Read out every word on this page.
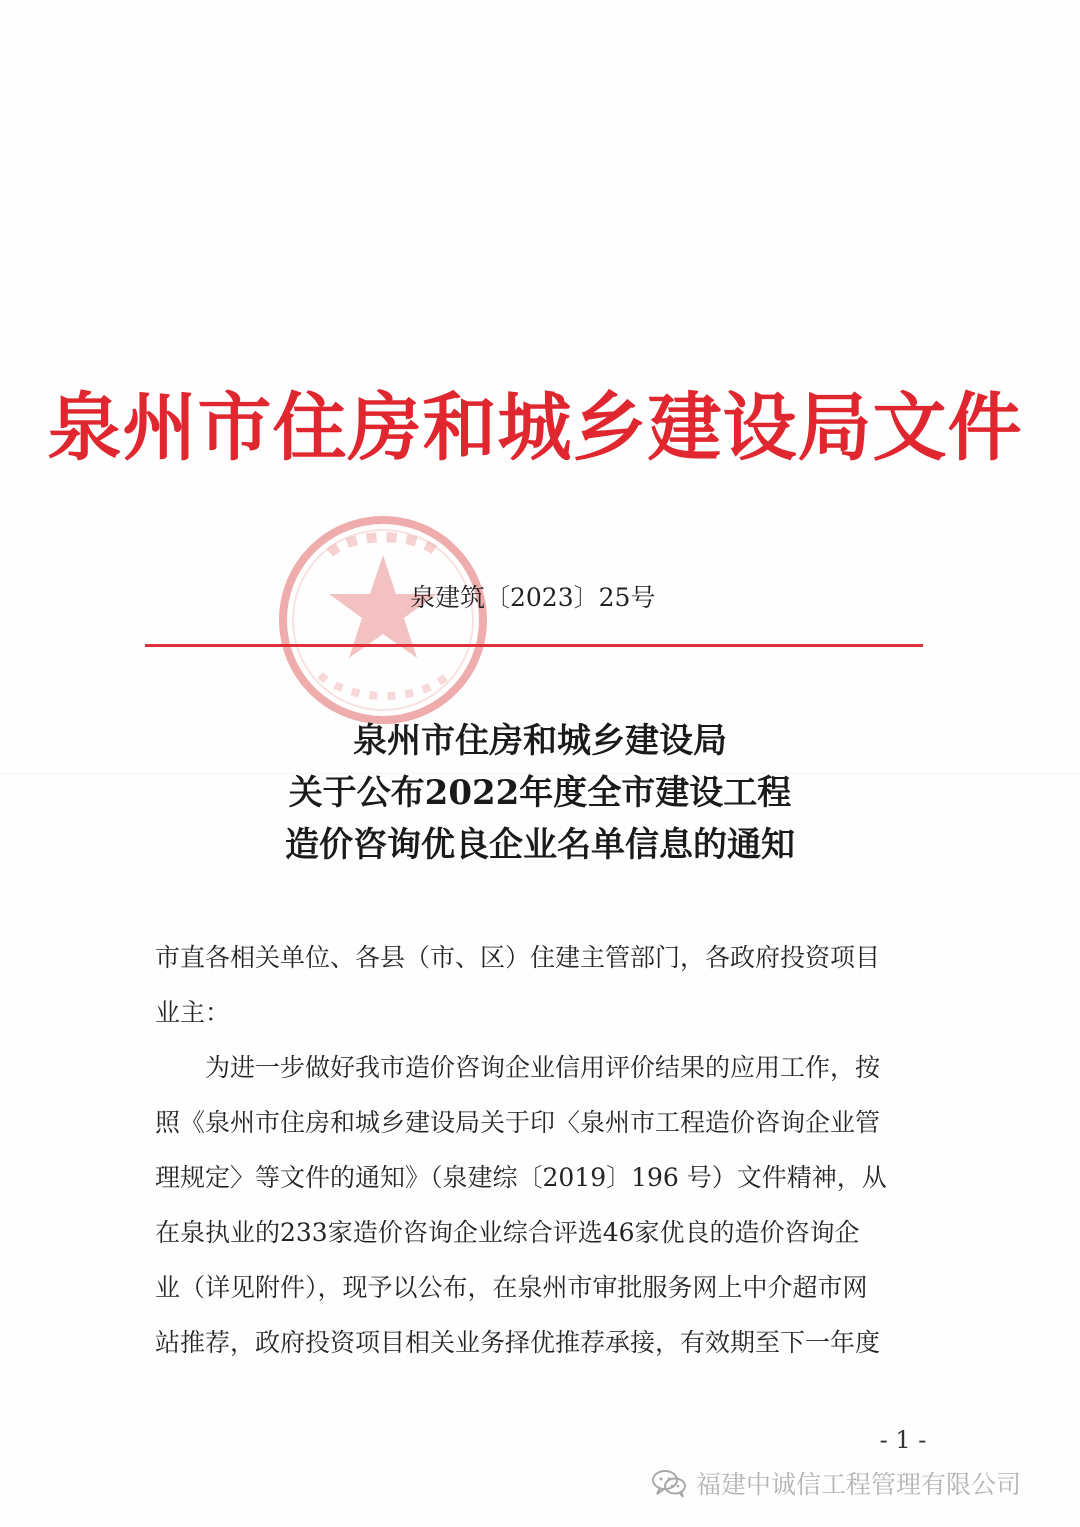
泉州市住房和城乡建设局文件
泉建筑〔2023〕25号
泉州市住房和城乡建设局
关于公布2022年度全市建设工程
造价咨询优良企业名单信息的通知
市直各相关单位、各县（市、区）住建主管部门，各政府投资项目
业主：
为进一步做好我市造价咨询企业信用评价结果的应用工作，按
照《泉州市住房和城乡建设局关于印〈泉州市工程造价咨询企业管
理规定〉等文件的通知》（泉建综〔2019〕196 号）文件精神，从
在泉执业的233家造价咨询企业综合评选46家优良的造价咨询企
业（详见附件），现予以公布，在泉州市审批服务网上中介超市网
站推荐，政府投资项目相关业务择优推荐承接，有效期至下一年度
- 1 -
福建中诚信工程管理有限公司
